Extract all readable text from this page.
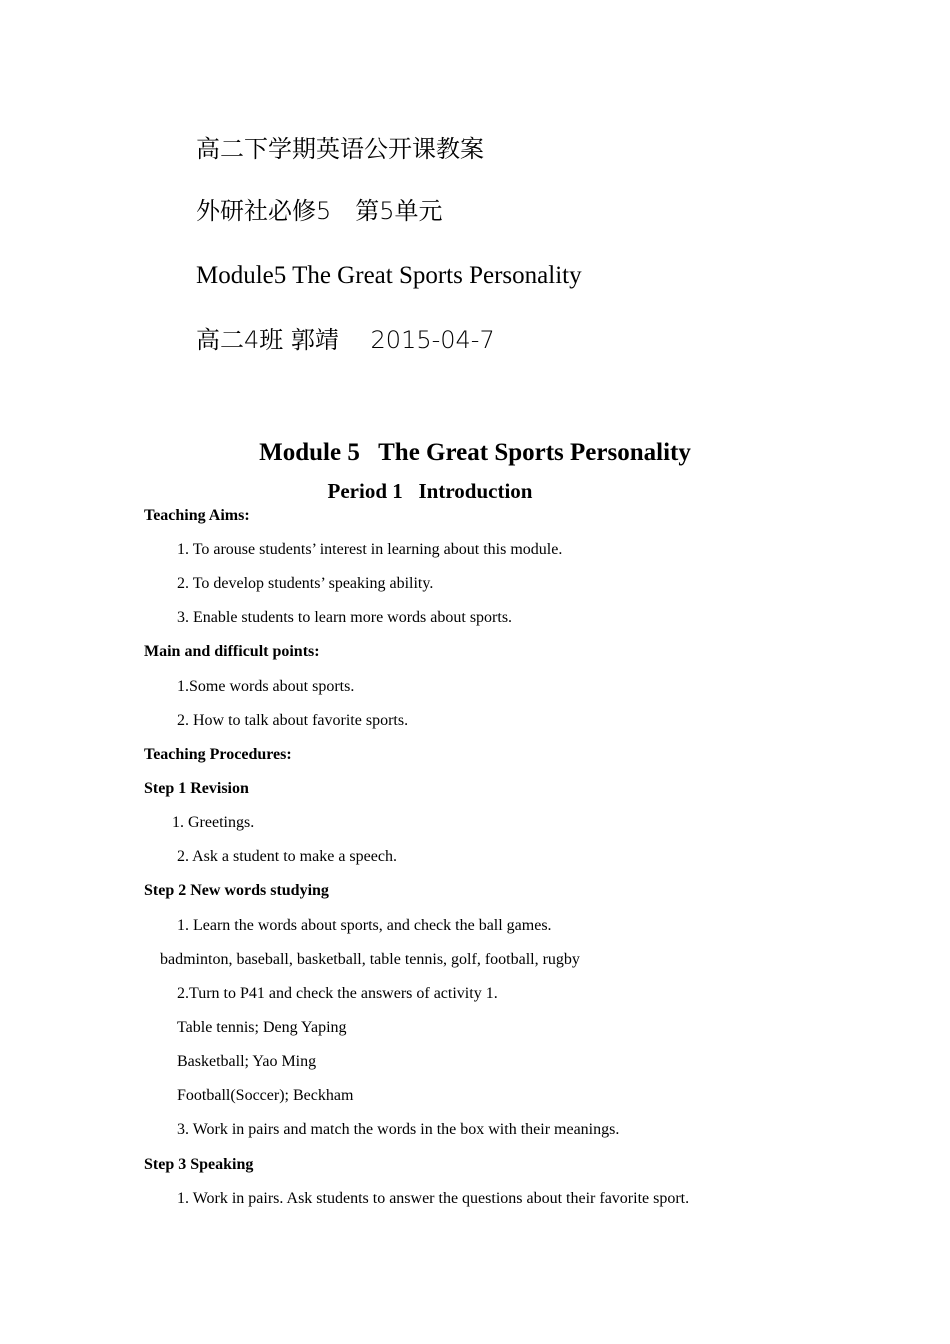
高二下学期英语公开课教案
外研社必修5　第5单元
Module5 The Great Sports Personality
高二4班 郭靖　 2015-04-7
Module 5   The Great Sports Personality
Period 1   Introduction
Teaching Aims:
1. To arouse students’ interest in learning about this module.
2. To develop students’ speaking ability.
3. Enable students to learn more words about sports.
Main and difficult points:
1.Some words about sports.
2. How to talk about favorite sports.
Teaching Procedures:
Step 1 Revision
1. Greetings.
2. Ask a student to make a speech.
Step 2 New words studying
1. Learn the words about sports, and check the ball games.
badminton, baseball, basketball, table tennis, golf, football, rugby
2.Turn to P41 and check the answers of activity 1.
Table tennis; Deng Yaping
Basketball; Yao Ming
Football(Soccer); Beckham
3. Work in pairs and match the words in the box with their meanings.
Step 3 Speaking
1. Work in pairs. Ask students to answer the questions about their favorite sport.
